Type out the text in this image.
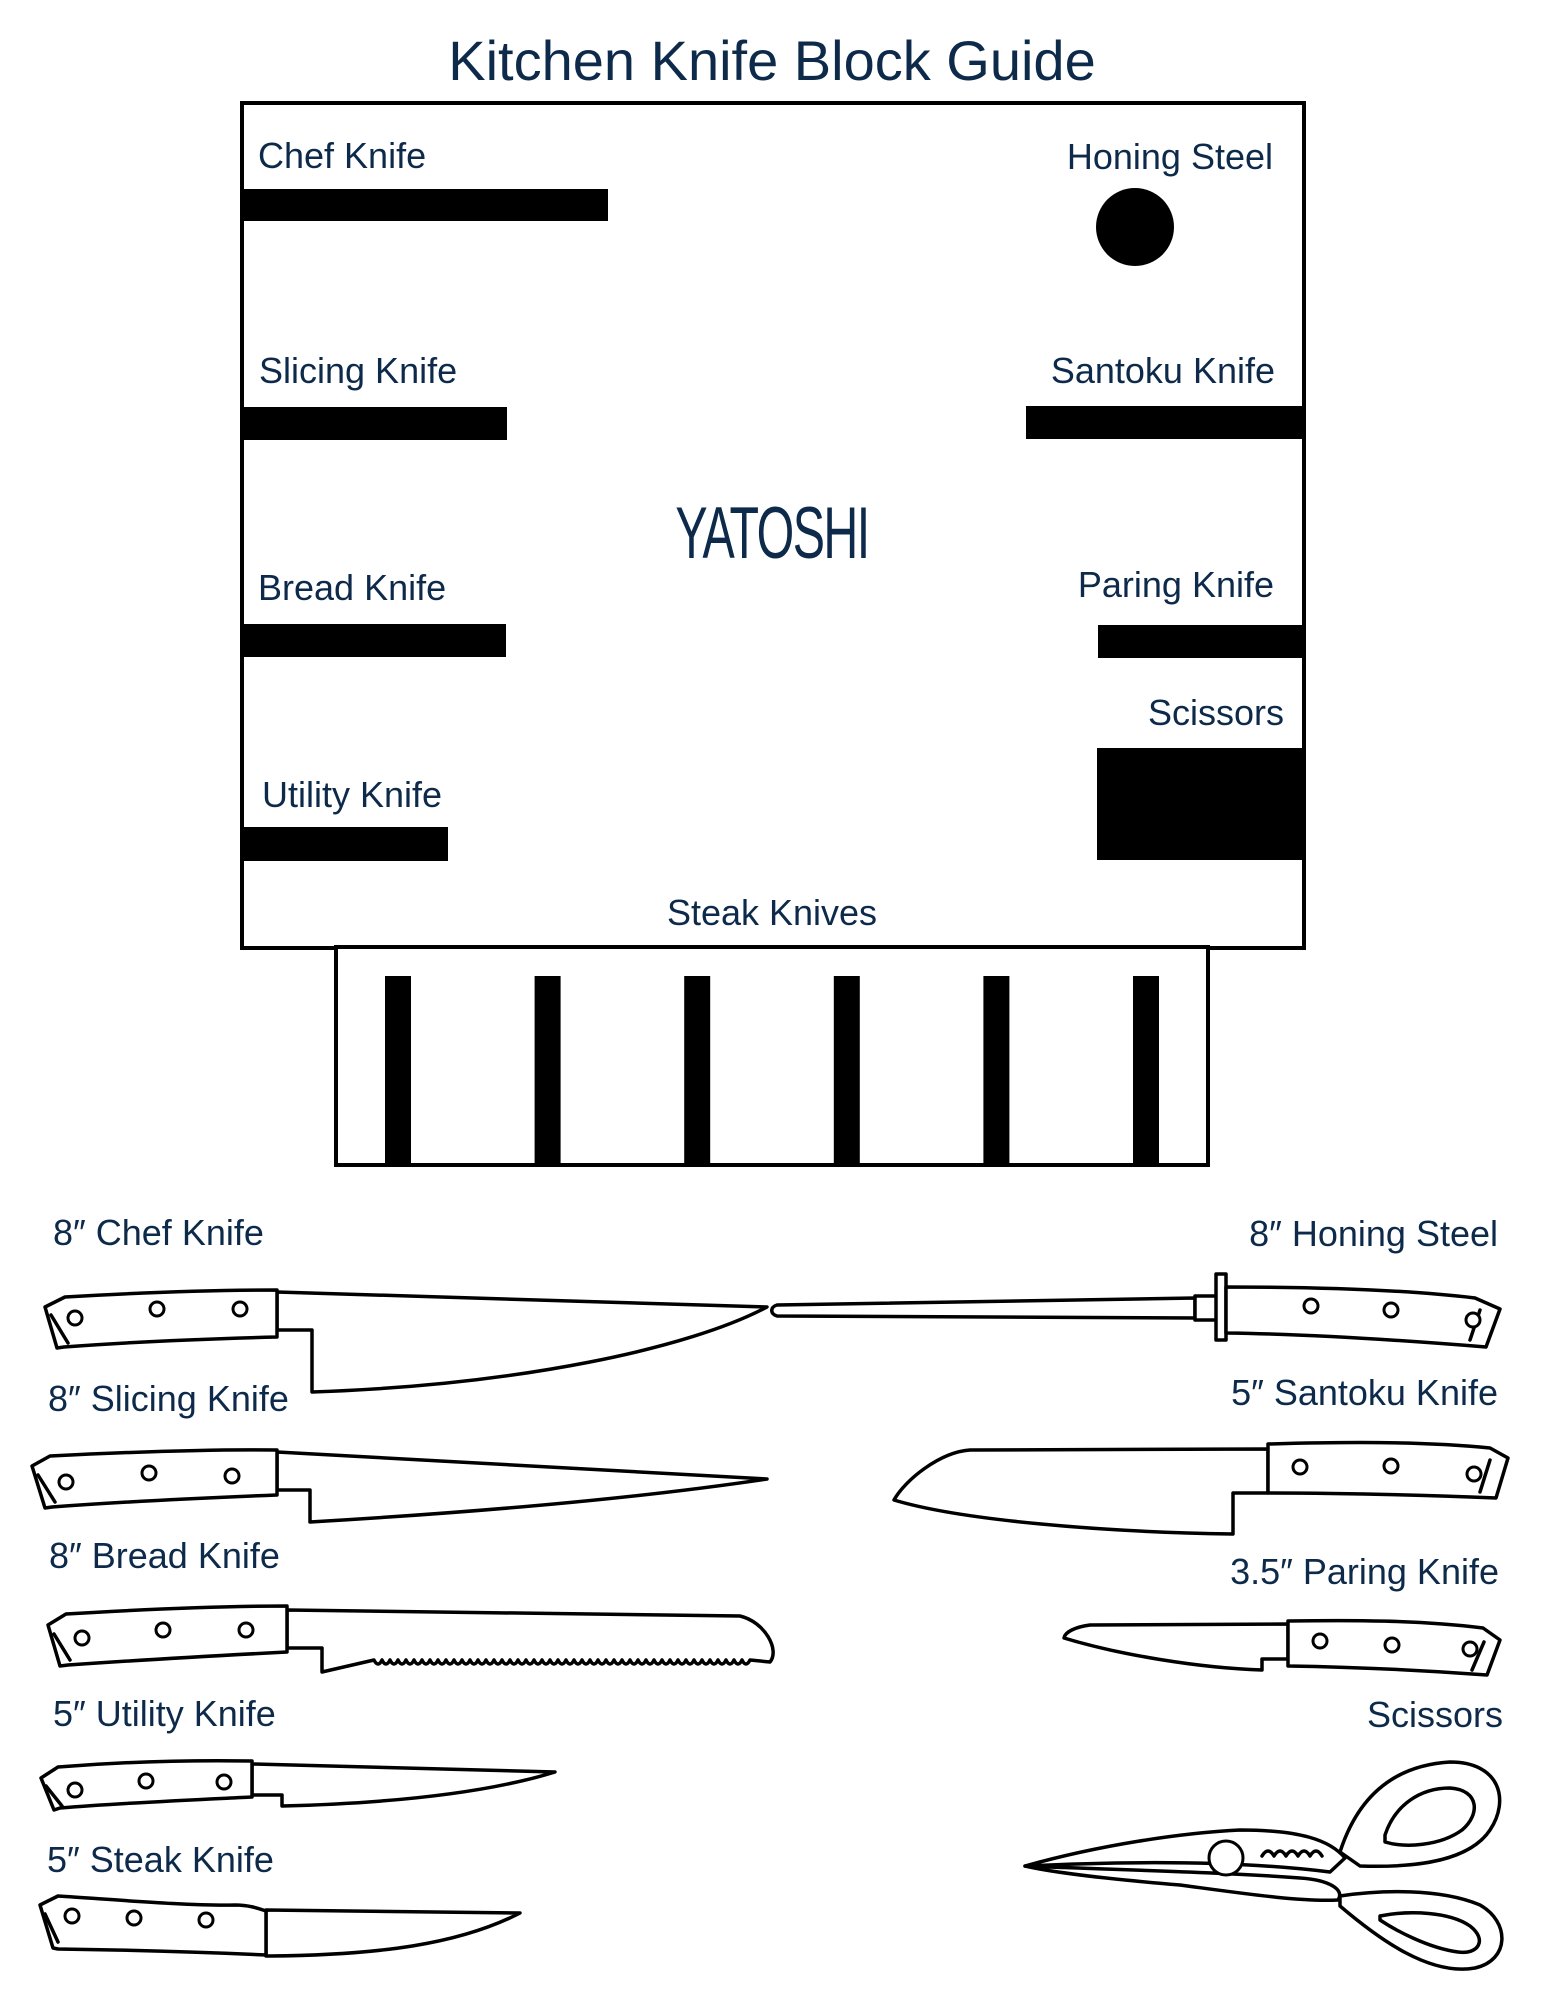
Kitchen Knife Block Guide
Chef Knife
Slicing Knife
Bread Knife
Utility Knife
Honing Steel
Santoku Knife
Paring Knife
Scissors
YATOSHI
Steak Knives
8″ Chef Knife
8″ Slicing Knife
8″ Bread Knife
5″ Utility Knife
5″ Steak Knife
8″ Honing Steel
5″ Santoku Knife
3.5″ Paring Knife
Scissors
